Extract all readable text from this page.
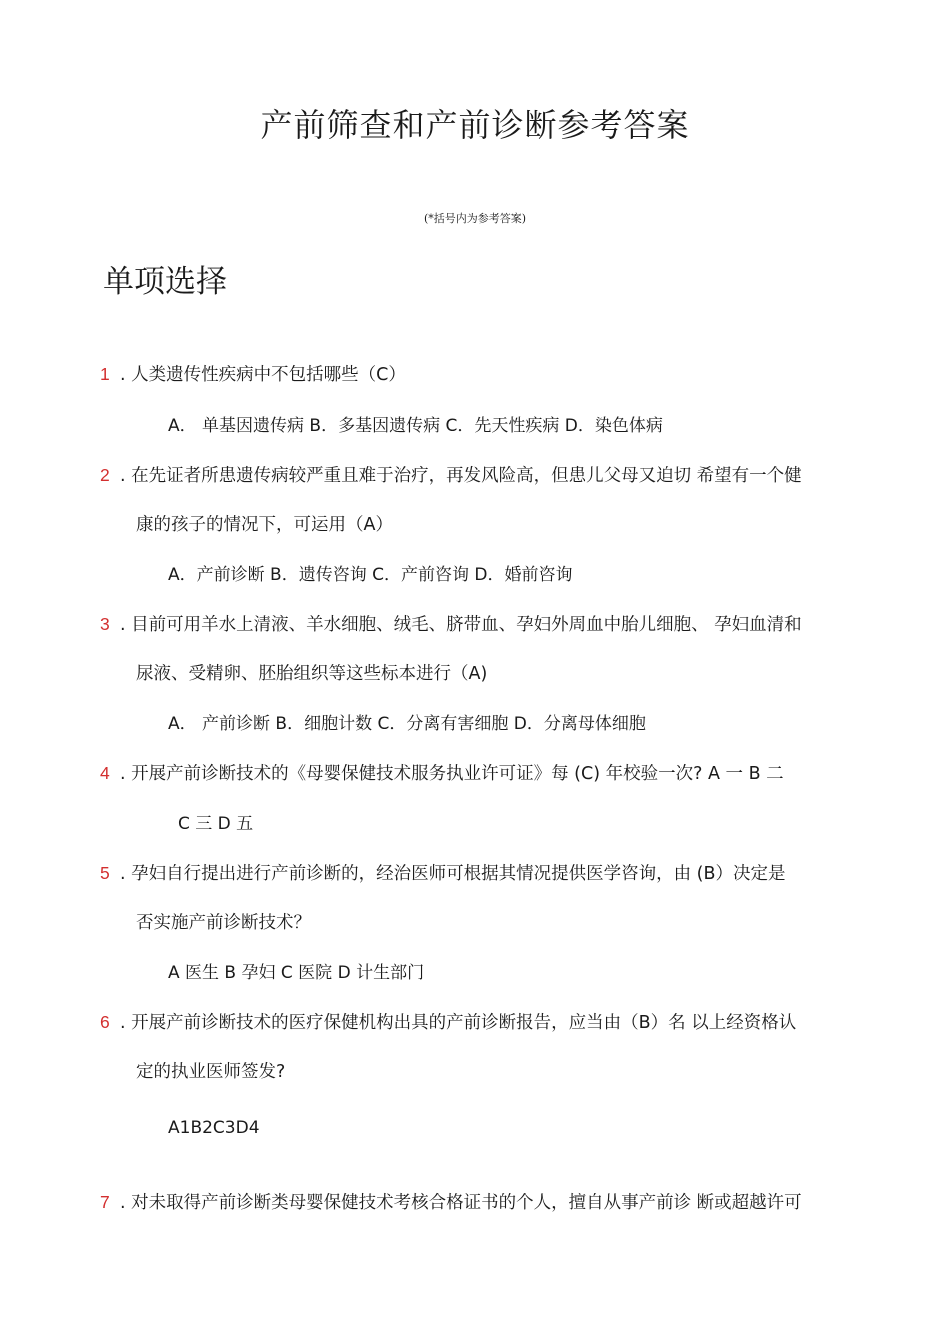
产前筛查和产前诊断参考答案
(*括号内为参考答案)
单项选择
1 . 人类遗传性疾病中不包括哪些（C）
A． 单基因遗传病 B．多基因遗传病 C．先天性疾病 D．染色体病
2 . 在先证者所患遗传病较严重且难于治疗，再发风险高，但患儿父母又迫切 希望有一个健
康的孩子的情况下，可运用（A）
A．产前诊断 B．遗传咨询 C．产前咨询 D．婚前咨询
3 . 目前可用羊水上清液、羊水细胞、绒毛、脐带血、孕妇外周血中胎儿细胞、 孕妇血清和
尿液、受精卵、胚胎组织等这些标本进行（A)
A． 产前诊断 B．细胞计数 C．分离有害细胞 D．分离母体细胞
4 . 开展产前诊断技术的《母婴保健技术服务执业许可证》每 (C) 年校验一次? A 一 B 二
C 三 D 五
5 . 孕妇自行提出进行产前诊断的，经治医师可根据其情况提供医学咨询，由 (B）决定是
否实施产前诊断技术？
A 医生 B 孕妇 C 医院 D 计生部门
6 . 开展产前诊断技术的医疗保健机构出具的产前诊断报告，应当由（B）名 以上经资格认
定的执业医师签发?
A1B2C3D4
7 . 对未取得产前诊断类母婴保健技术考核合格证书的个人，擅自从事产前诊 断或超越许可
